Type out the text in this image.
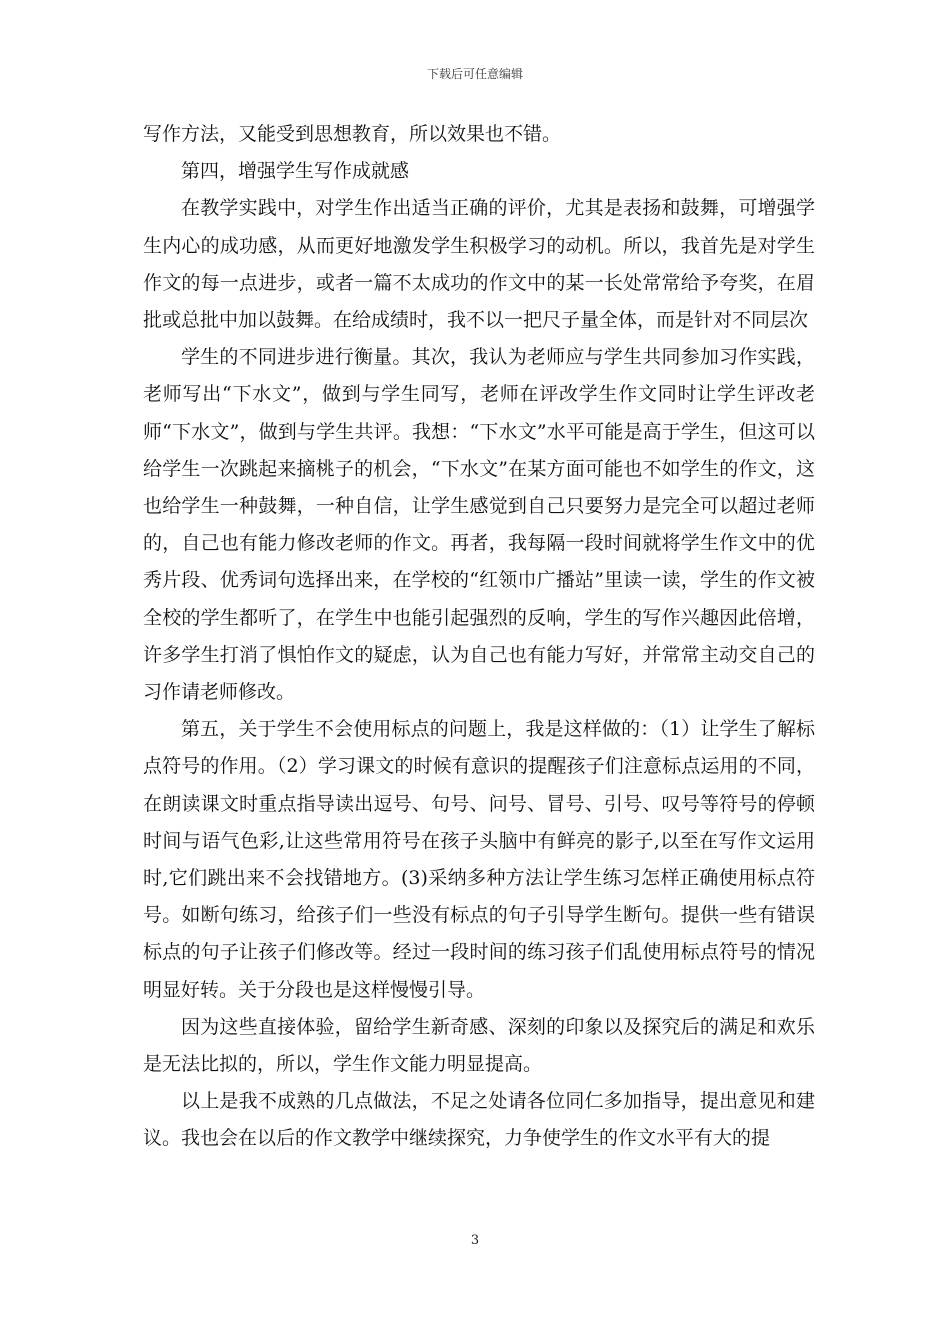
下载后可任意编辑

写作方法，又能受到思想教育，所以效果也不错。

第四，增强学生写作成就感

在教学实践中，对学生作出适当正确的评价，尤其是表扬和鼓舞，可增强学生内心的成功感，从而更好地激发学生积极学习的动机。所以，我首先是对学生作文的每一点进步，或者一篇不太成功的作文中的某一长处常常给予夸奖，在眉批或总批中加以鼓舞。在给成绩时，我不以一把尺子量全体，而是针对不同层次

学生的不同进步进行衡量。其次，我认为老师应与学生共同参加习作实践，老师写出“下水文”，做到与学生同写，老师在评改学生作文同时让学生评改老师“下水文”，做到与学生共评。我想：“下水文”水平可能是高于学生，但这可以给学生一次跳起来摘桃子的机会，“下水文”在某方面可能也不如学生的作文，这也给学生一种鼓舞，一种自信，让学生感觉到自己只要努力是完全可以超过老师的，自己也有能力修改老师的作文。再者，我每隔一段时间就将学生作文中的优秀片段、优秀词句选择出来，在学校的“红领巾广播站”里读一读，学生的作文被全校的学生都听了，在学生中也能引起强烈的反响，学生的写作兴趣因此倍增，许多学生打消了惧怕作文的疑虑，认为自己也有能力写好，并常常主动交自己的习作请老师修改。

第五，关于学生不会使用标点的问题上，我是这样做的：（1）让学生了解标点符号的作用。（2）学习课文的时候有意识的提醒孩子们注意标点运用的不同，在朗读课文时重点指导读出逗号、句号、问号、冒号、引号、叹号等符号的停顿时间与语气色彩,让这些常用符号在孩子头脑中有鲜亮的影子,以至在写作文运用时,它们跳出来不会找错地方。(3)采纳多种方法让学生练习怎样正确使用标点符号。如断句练习，给孩子们一些没有标点的句子引导学生断句。提供一些有错误标点的句子让孩子们修改等。经过一段时间的练习孩子们乱使用标点符号的情况明显好转。关于分段也是这样慢慢引导。

因为这些直接体验，留给学生新奇感、深刻的印象以及探究后的满足和欢乐是无法比拟的，所以，学生作文能力明显提高。

以上是我不成熟的几点做法，不足之处请各位同仁多加指导，提出意见和建议。我也会在以后的作文教学中继续探究，力争使学生的作文水平有大的提

3
